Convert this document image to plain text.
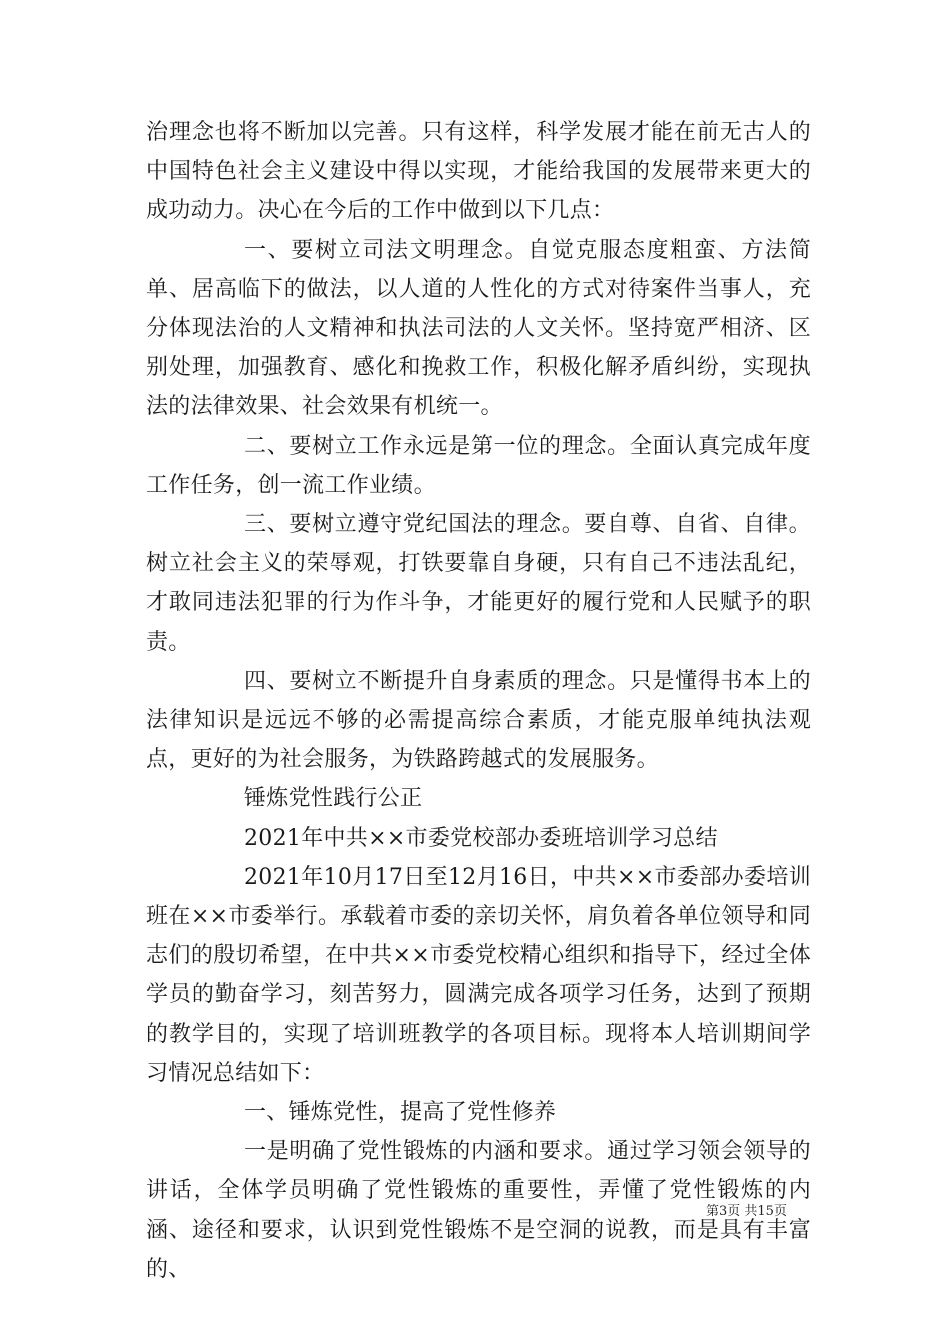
治理念也将不断加以完善。只有这样，科学发展才能在前无古人的中国特色社会主义建设中得以实现，才能给我国的发展带来更大的成功动力。决心在今后的工作中做到以下几点：

一、要树立司法文明理念。自觉克服态度粗蛮、方法简单、居高临下的做法，以人道的人性化的方式对待案件当事人，充分体现法治的人文精神和执法司法的人文关怀。坚持宽严相济、区别处理，加强教育、感化和挽救工作，积极化解矛盾纠纷，实现执法的法律效果、社会效果有机统一。

二、要树立工作永远是第一位的理念。全面认真完成年度工作任务，创一流工作业绩。

三、要树立遵守党纪国法的理念。要自尊、自省、自律。树立社会主义的荣辱观，打铁要靠自身硬，只有自己不违法乱纪，才敢同违法犯罪的行为作斗争，才能更好的履行党和人民赋予的职责。

四、要树立不断提升自身素质的理念。只是懂得书本上的法律知识是远远不够的必需提高综合素质，才能克服单纯执法观点，更好的为社会服务，为铁路跨越式的发展服务。

锤炼党性践行公正

2021年中共××市委党校部办委班培训学习总结

2021年10月17日至12月16日，中共××市委部办委培训班在××市委举行。承载着市委的亲切关怀，肩负着各单位领导和同志们的殷切希望，在中共××市委党校精心组织和指导下，经过全体学员的勤奋学习，刻苦努力，圆满完成各项学习任务，达到了预期的教学目的，实现了培训班教学的各项目标。现将本人培训期间学习情况总结如下：

一、锤炼党性，提高了党性修养

一是明确了党性锻炼的内涵和要求。通过学习领会领导的讲话，全体学员明确了党性锻炼的重要性，弄懂了党性锻炼的内涵、途径和要求，认识到党性锻炼不是空洞的说教，而是具有丰富的、

第3页 共15页
